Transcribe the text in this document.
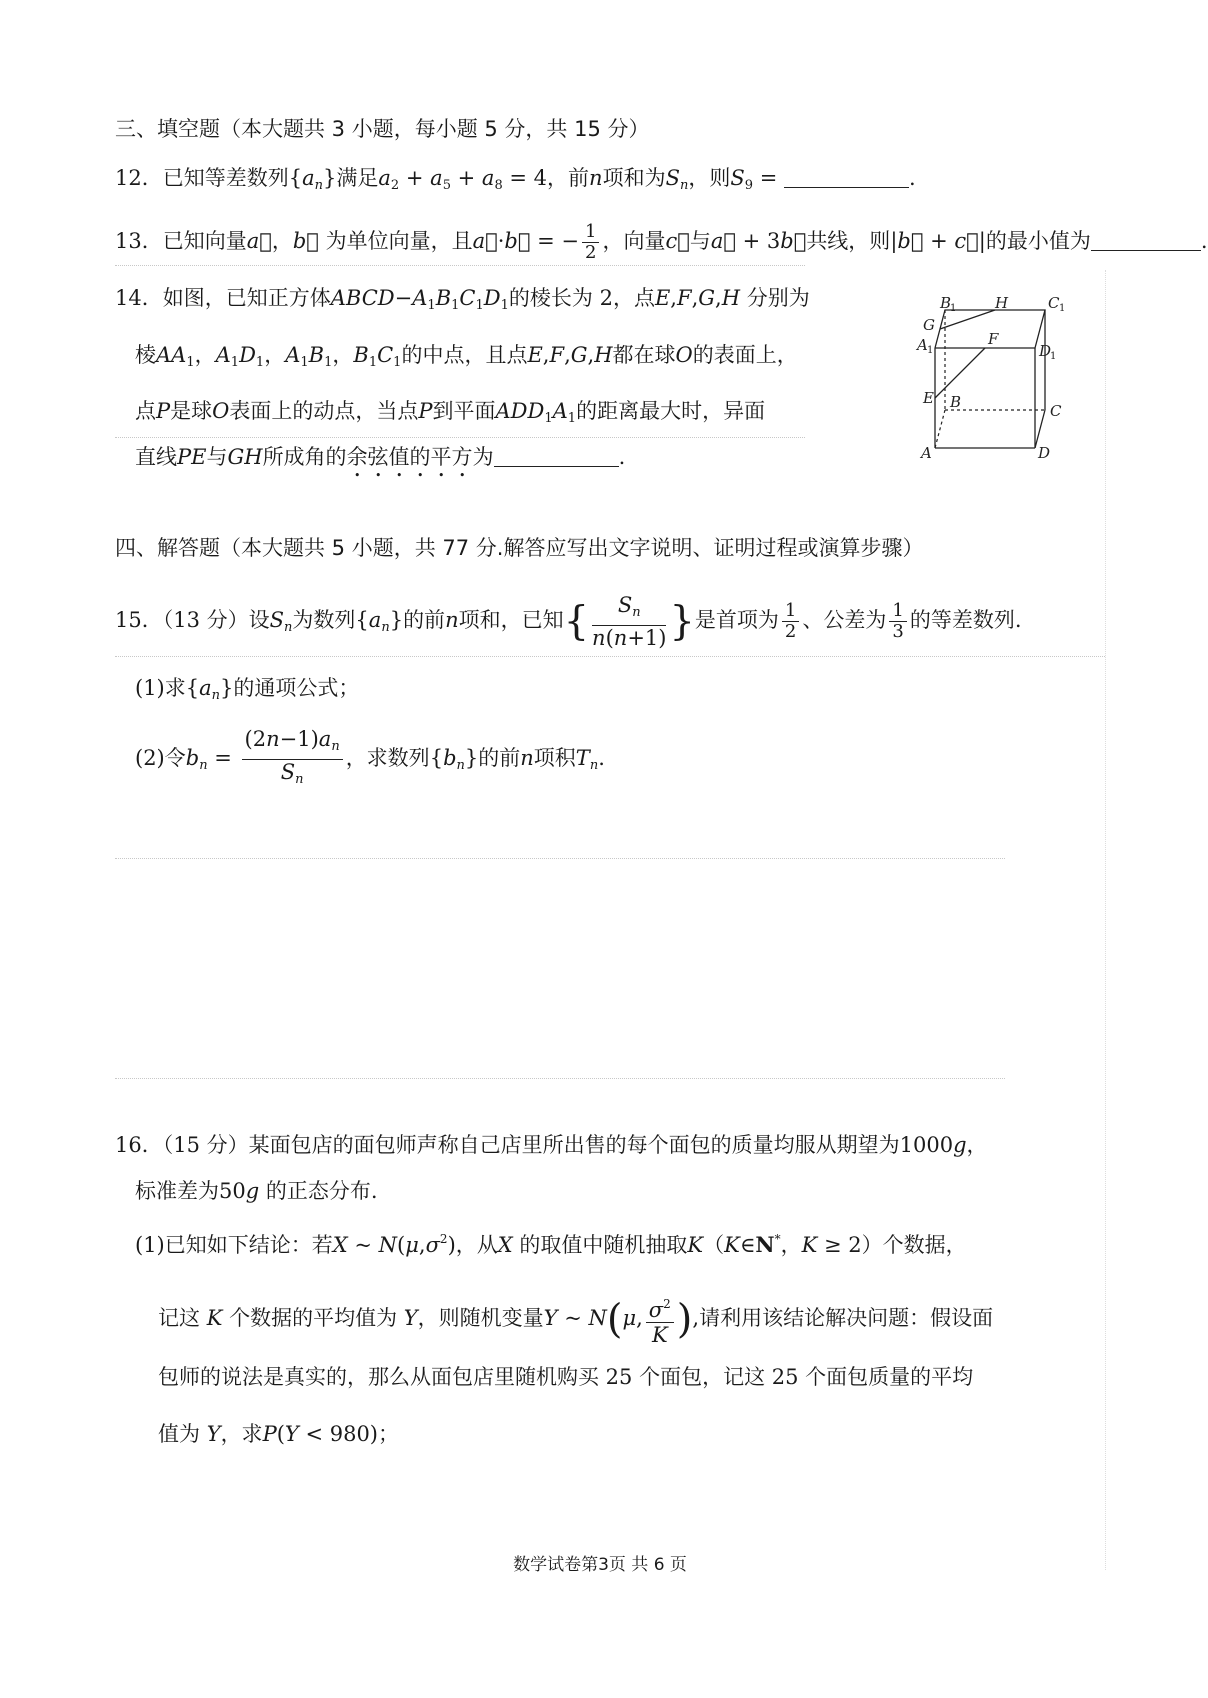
三、填空题（本大题共 3 小题，每小题 5 分，共 15 分）
12．已知等差数列$\{a_n\}$满足$a_2 + a_5 + a_8 = 4$，前n项和为$S_n$，则$S_9$ =	.
13．已知向量a⃗，b⃗ 为单位向量，且a⃗·b⃗ = − $\frac{1}{2}$ ，向量c⃗与a⃗ + 3b⃗共线，则|b⃗ + c⃗|的最小值为	.
14．如图，已知正方体$ABCD-A_1B_1C_1D_1$的棱长为 2，点E,F,G,H 分别为
棱$AA_1$，$A_1D_1$，$A_1B_1$，$B_1C_1$的中点，且点E,F,G,H都在球O的表面上，
点P是球O表面上的动点，当点P到平面$ADD_1A_1$的距离最大时，异面
直线PE与GH所成角的余弦值的平方为	.
B
1	H	C 1
G
A 1
F
D
1
E B	C
A	D
四、解答题（本大题共 5 小题，共 77 分.解答应写出文字说明、证明过程或演算步骤）
15．（13 分）设$S_n$为数列$\{a_n\}$的前n项和，已知{ $\frac{S_n}{n(n+1)}$ }是首项为 $\frac{1}{2}$ 、公差为 $\frac{1}{3}$ 的等差数列.
(1)求$\{a_n\}$的通项公式；
(2)令$b_n = \frac{(2n-1)a_n}{S_n}$ ，求数列$\{b_n\}$的前n项积$T_n$.
16．（15 分）某面包店的面包师声称自己店里所出售的每个面包的质量均服从期望为1000g，
标准差为50g 的正态分布.
(1)已知如下结论：若X ~ $N(\mu,\sigma^2)$，从X 的取值中随机抽取K（K∈N*，K ≥ 2）个数据，
记这 K 个数据的平均值为 Y，则随机变量Y ~ N(μ, $\frac{\sigma^2}{K}$ ),请利用该结论解决问题：假设面
包师的说法是真实的，那么从面包店里随机购买 25 个面包，记这 25 个面包质量的平均
值为 Y，求P(Y < 980)；
数学试卷第3页 共 6 页
